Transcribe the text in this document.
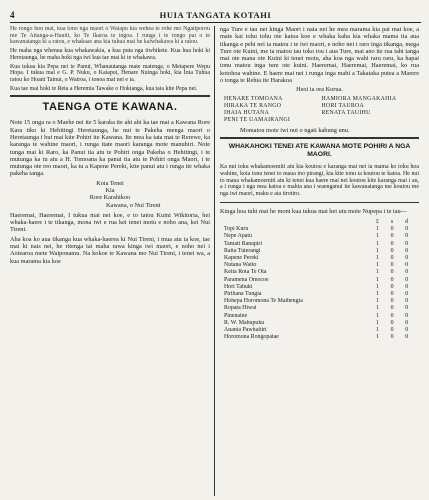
4	HUIA TANGATA KOTAHI

He rongo hou mai, kua tono nga maori o Waiapu kia wehea te rohe mo Ngatiporou me Te Aitanga-a-Hauiti, ko Te Ikaroa te ingoa. I runga i te rongo pai o te kawanatanga ki a ratou, e whakaae ana kia tukua mai he kaiwhakawa ki a ratou.

He maha nga whenua kua whakawakia, a kua puta nga tiwhikete. Kua hua hoki ki Heretaunga, he maha hoki nga iwi kua tae mai ki te whakawa.

Kua tukua kia Pepa nei te Panui, Whanautanga mate matenga, o Metapere Wepu Hopa. I tukua mai e G. P. Nuku, o Kaiapoi, Henare Nuinga hoki, kia Inia Tuhua ratou ko Hoani Tainui, o Wairoa, i tonoa mai nei e ia.

Kua tae mai hoki te Reta a Heremia Tawake o Hokianga, kua taia kite Pepa nei.

TAENGA OTE KAWANA.

Note 15 onga ra o Maehe nei ite 5 karaka ite ahi ahi ka tae mai a Kawana Rore Kara tiko ki Hehitingi Heretaunga, he nui te Pakeha menga maori o Heretaunga i hui mai kite Pohiri ite Kawana. Ite mea ka tata mai te Rerewe, ka karanga te wahine maori, i runga itate maori karanga mote manuhiri. Note tunga mai ki Raro, ka Panui tia atu te Pohiri onga Pakeha o Hehitingi, i te mutunga ka tu atu a H. Tomoana ka panui tia atu te Pohiri onga Maori, i te mutunga ote reo maori, ka tu a Kapene Pereki, kite panui atu i runga ite whaka pakeha tanga.

Koia Tenei
Kia
Rore Karahikoo
Kawana, o Nui Tireni

Haeremai, Haeremai, I tukua mai nei koe, e to tatou Kuini Wikitoria, hei whaka-haere i te tikanga, mona iwi e rua kei tenei motu e noho ana, kei Nui Tireni.

Aha koa ko aua tikanga kua whaka-haerea ki Nui Tireni, i mua atu ia koe, tae mai ki nais nei, he ritenga tai maha rawa kinga iwi maori, e noho nei i Aotearoa mete Waiponamu. Na kokoe te Kawana mo Nui Tireni, i tenei wa, a kua marama kia koe

nga Ture e tau nei kinga Maori i naia nei he mea marama kia pai mai koe, a mate kai tohu tohu ote katoa koe e whaka kaha kia whaka mama tia aua tikanga e pehi nei ia matou i te iwi maori, e noho nei i raro inga tikanga, mega Ture ote Kuini, me ta matou tau toko tou i aua Ture, mai ano ite rua tahi tanga mai ote mana ote Kuini ki tenei motu, aha koa nga wahi raru raru, ka hapai tonu matou inga ture ote kuini. Haeremai, Haeremai, Haeremai, ko rua kotohoa wahine. E haere mai nei i runga inga mahi a Takataka putea a Marere o tonga te Rehia ite Harakoa

Heoi ia ora Korua.
HENARE TOMOANA	HAMIORA MANGAKAHIA
HIRAKA TE RANGO	HORI TAUROA
IHAIA HUTANA	RENATA TAUIHU
PENI TE UAMAIRANGI
Momatou mote iwi nui o ngati kahung unu.
WHAKAHOKI TENEI ATE KAWANA MOTE POHIRI A NGA MAORI.

Ka nui toku whakamoemiti atu kia koutou e karanga mai nei ia mama ko toku hoa wahine, koia tonu tenei to maua ino pirangi, kia kite tonu ia koutou te katoa. He nui to maua whakamoemiti atu ki tenei kua haere mai nei koutou kite karanga mai i au, a i runga i nga mea katoa e mahia ana i waenganui ite kawanatanga me koutou me nga iwi maori, maku e ata tirotiro.

Kinga hoa tuhi mai he moni kua tukua mai hei utu mote Nupepa i te tau—
	£	s	d
Topi Kuru	1	0	0
Nepe Apatu	1	0	0
Tamati Ranapiri	1	0	0
Raita Tuterangi	1	0	0
Kapene Pereki	1	0	0
Nutana Waito	1	0	0
Keita Rota Te Ota	1	0	0
Paramena Omocoe	1	0	0
Hori Tahuki	1	0	0
Pirihana Tungia	1	0	0
Hohepa Horomona Te Maihengia	1	0	0
Ropata Hiwai	1	0	0
Pinenaine	1	0	0
R. W. Mahupuku	1	0	0
Anania Pawhaitiri	1	0	0
Horomona Rongopatae	1	0	0
